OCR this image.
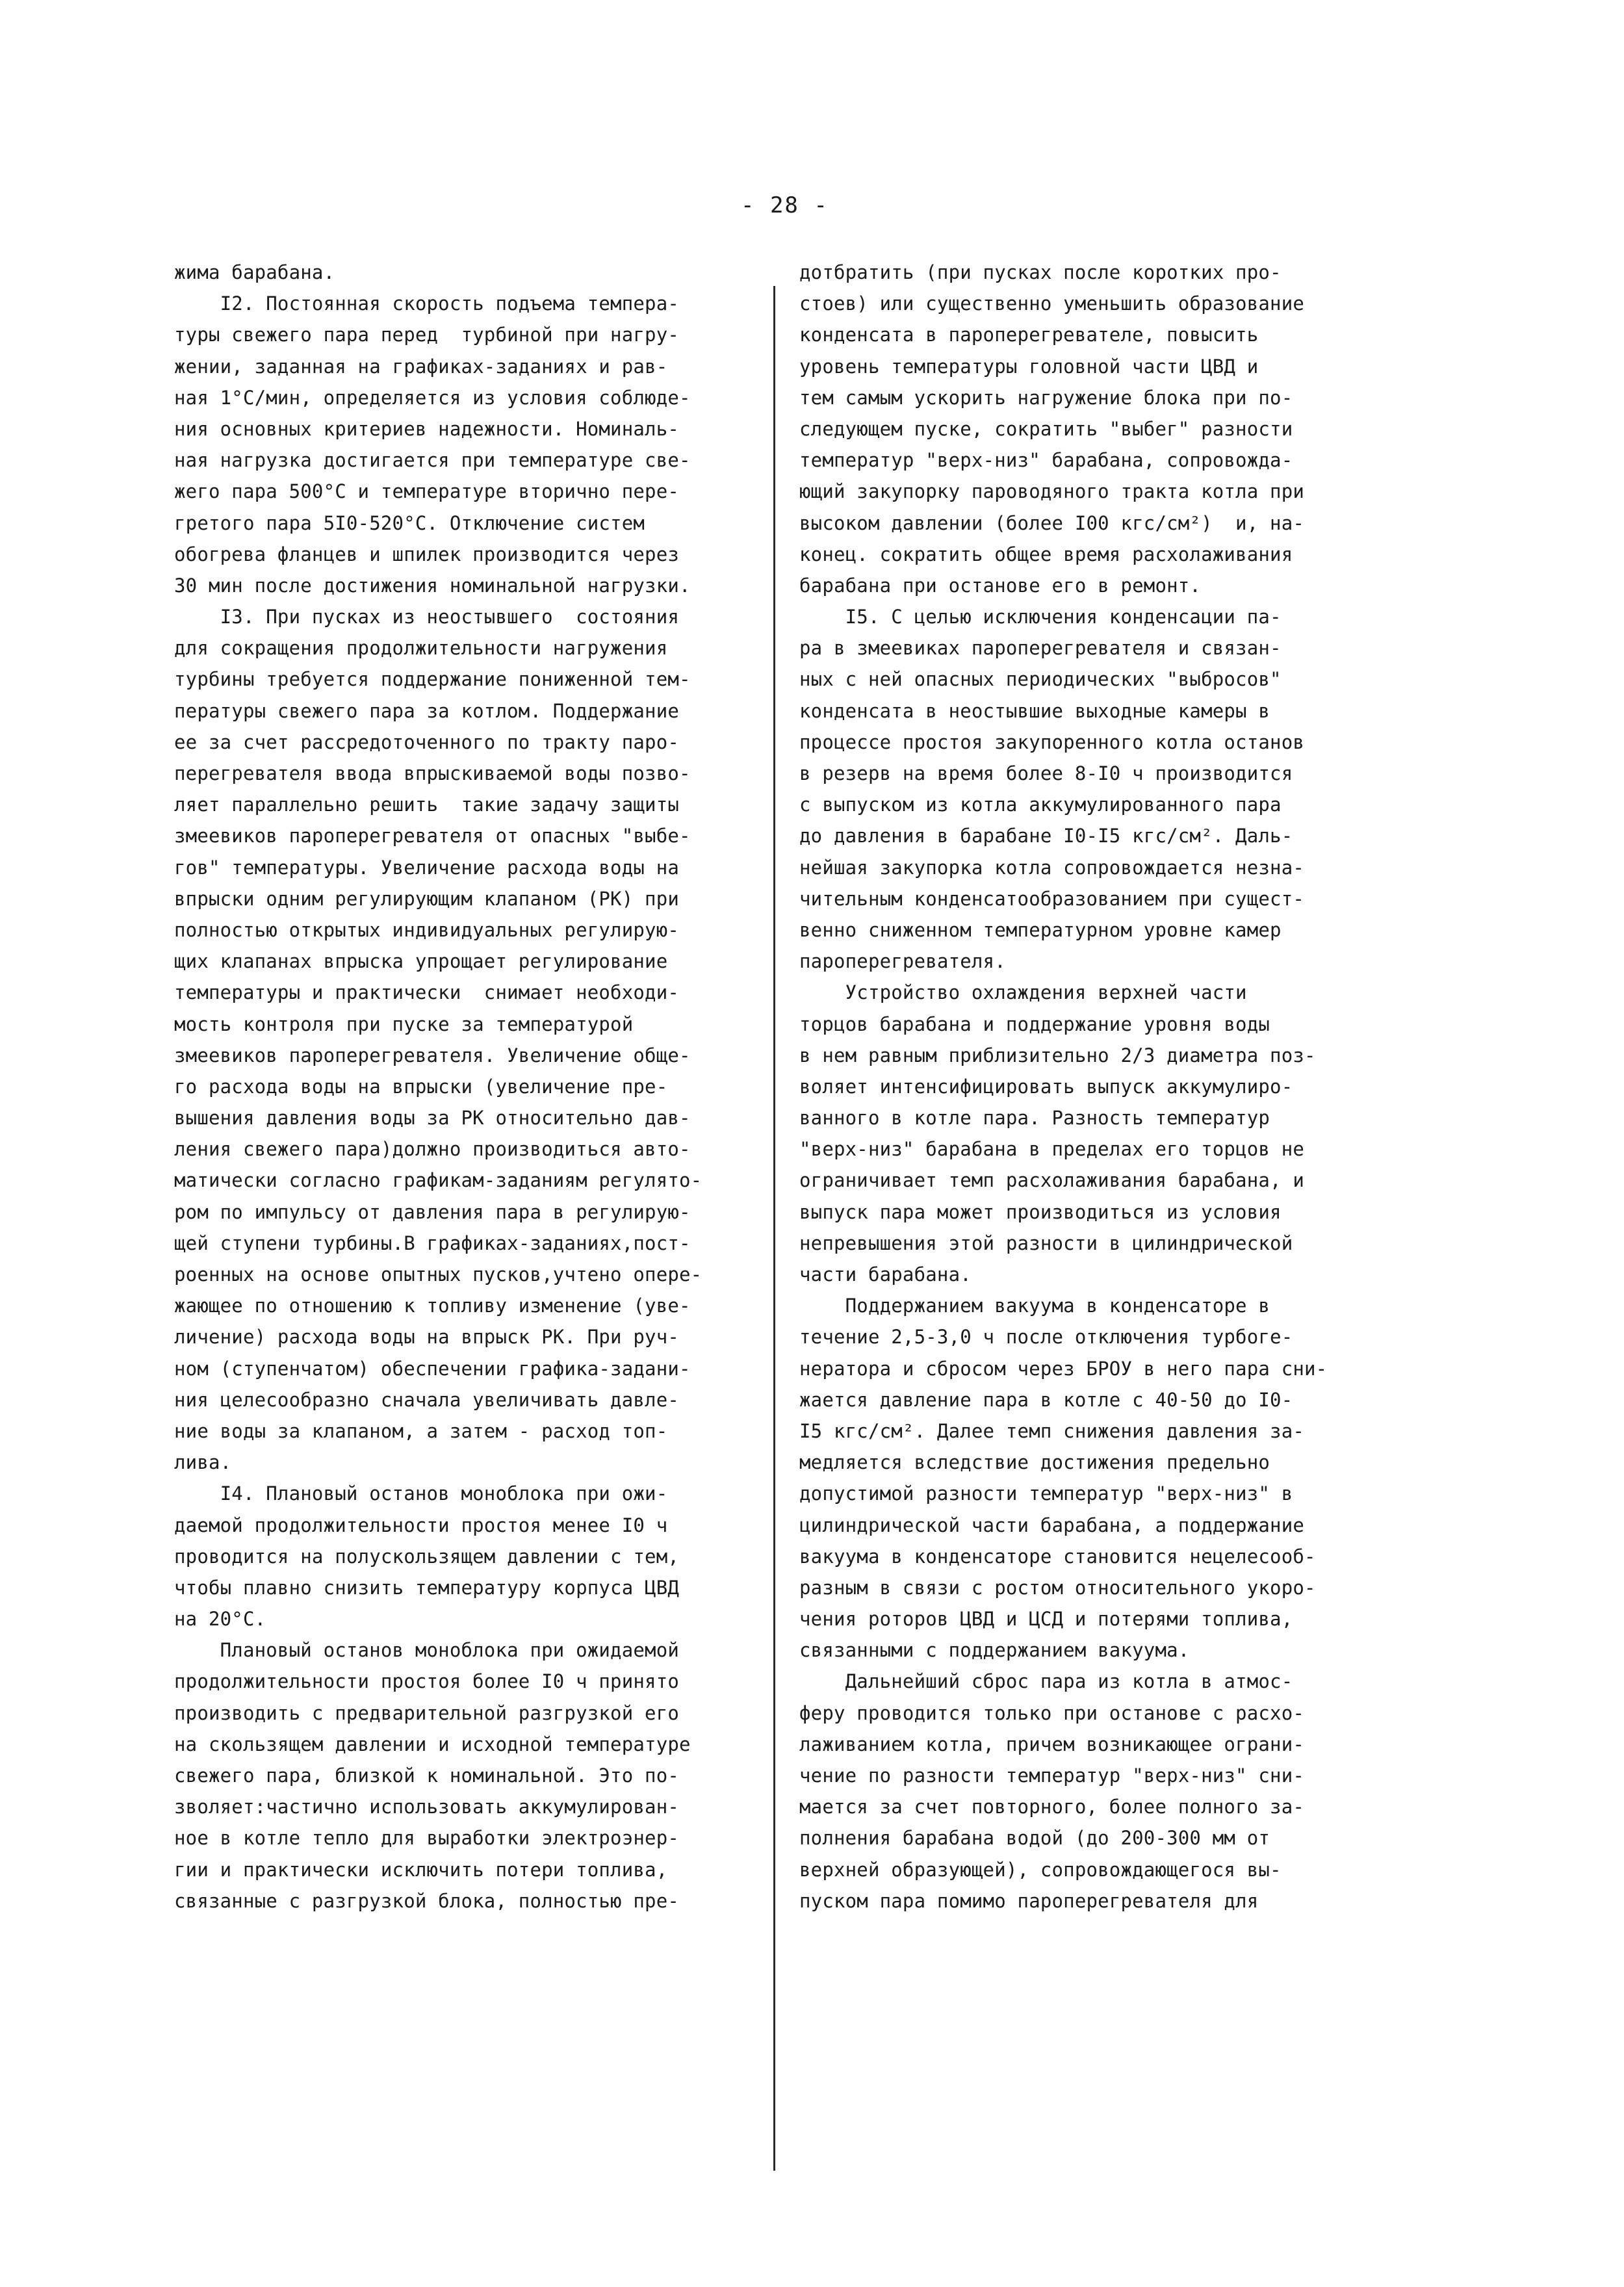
- 28 -
жима барабана.
I2. Постоянная скорость подъема темпера-
туры свежего пара перед  турбиной при нагру-
жении, заданная на графиках-заданиях и рав-
ная 1°С/мин, определяется из условия соблюде-
ния основных критериев надежности. Номиналь-
ная нагрузка достигается при температуре све-
жего пара 500°С и температуре вторично пере-
гретого пара 5I0-520°С. Отключение систем
обогрева фланцев и шпилек производится через
30 мин после достижения номинальной нагрузки.
I3. При пусках из неостывшего  состояния
для сокращения продолжительности нагружения
турбины требуется поддержание пониженной тем-
пературы свежего пара за котлом. Поддержание
ее за счет рассредоточенного по тракту паро-
перегревателя ввода впрыскиваемой воды позво-
ляет параллельно решить  такие задачу защиты
змеевиков пароперегревателя от опасных "выбе-
гов" температуры. Увеличение расхода воды на
впрыски одним регулирующим клапаном (РК) при
полностью открытых индивидуальных регулирую-
щих клапанах впрыска упрощает регулирование
температуры и практически  снимает необходи-
мость контроля при пуске за температурой
змеевиков пароперегревателя. Увеличение обще-
го расхода воды на впрыски (увеличение пре-
вышения давления воды за РК относительно дав-
ления свежего пара)должно производиться авто-
матически согласно графикам-заданиям регулято-
ром по импульсу от давления пара в регулирую-
щей ступени турбины.В графиках-заданиях,пост-
роенных на основе опытных пусков,учтено опере-
жающее по отношению к топливу изменение (уве-
личение) расхода воды на впрыск РК. При руч-
ном (ступенчатом) обеспечении графика-задани-
ния целесообразно сначала увеличивать давле-
ние воды за клапаном, а затем - расход топ-
лива.
I4. Плановый останов моноблока при ожи-
даемой продолжительности простоя менее I0 ч
проводится на полускользящем давлении с тем,
чтобы плавно снизить температуру корпуса ЦВД
на 20°С.
Плановый останов моноблока при ожидаемой
продолжительности простоя более I0 ч принято
производить с предварительной разгрузкой его
на скользящем давлении и исходной температуре
свежего пара, близкой к номинальной. Это по-
зволяет:частично использовать аккумулирован-
ное в котле тепло для выработки электроэнер-
гии и практически исключить потери топлива,
связанные с разгрузкой блока, полностью пре-
дотбратить (при пусках после коротких про-
стоев) или существенно уменьшить образование
конденсата в пароперегревателе, повысить
уровень температуры головной части ЦВД и
тем самым ускорить нагружение блока при по-
следующем пуске, сократить "выбег" разности
температур "верх-низ" барабана, сопровожда-
ющий закупорку пароводяного тракта котла при
высоком давлении (более I00 кгс/см²)  и, на-
конец. сократить общее время расхолаживания
барабана при останове его в ремонт.
I5. С целью исключения конденсации па-
ра в змеевиках пароперегревателя и связан-
ных с ней опасных периодических "выбросов"
конденсата в неостывшие выходные камеры в
процессе простоя закупоренного котла останов
в резерв на время более 8-I0 ч производится
с выпуском из котла аккумулированного пара
до давления в барабане I0-I5 кгс/см². Даль-
нейшая закупорка котла сопровождается незна-
чительным конденсатообразованием при сущест-
венно сниженном температурном уровне камер
пароперегревателя.
Устройство охлаждения верхней части
торцов барабана и поддержание уровня воды
в нем равным приблизительно 2/3 диаметра поз-
воляет интенсифицировать выпуск аккумулиро-
ванного в котле пара. Разность температур
"верх-низ" барабана в пределах его торцов не
ограничивает темп расхолаживания барабана, и
выпуск пара может производиться из условия
непревышения этой разности в цилиндрической
части барабана.
Поддержанием вакуума в конденсаторе в
течение 2,5-3,0 ч после отключения турбоге-
нератора и сбросом через БРОУ в него пара сни-
жается давление пара в котле с 40-50 до I0-
I5 кгс/см². Далее темп снижения давления за-
медляется вследствие достижения предельно
допустимой разности температур "верх-низ" в
цилиндрической части барабана, а поддержание
вакуума в конденсаторе становится нецелесооб-
разным в связи с ростом относительного укоро-
чения роторов ЦВД и ЦСД и потерями топлива,
связанными с поддержанием вакуума.
Дальнейший сброс пара из котла в атмос-
феру проводится только при останове с расхо-
лаживанием котла, причем возникающее ограни-
чение по разности температур "верх-низ" сни-
мается за счет повторного, более полного за-
полнения барабана водой (до 200-300 мм от
верхней образующей), сопровождающегося вы-
пуском пара помимо пароперегревателя для
